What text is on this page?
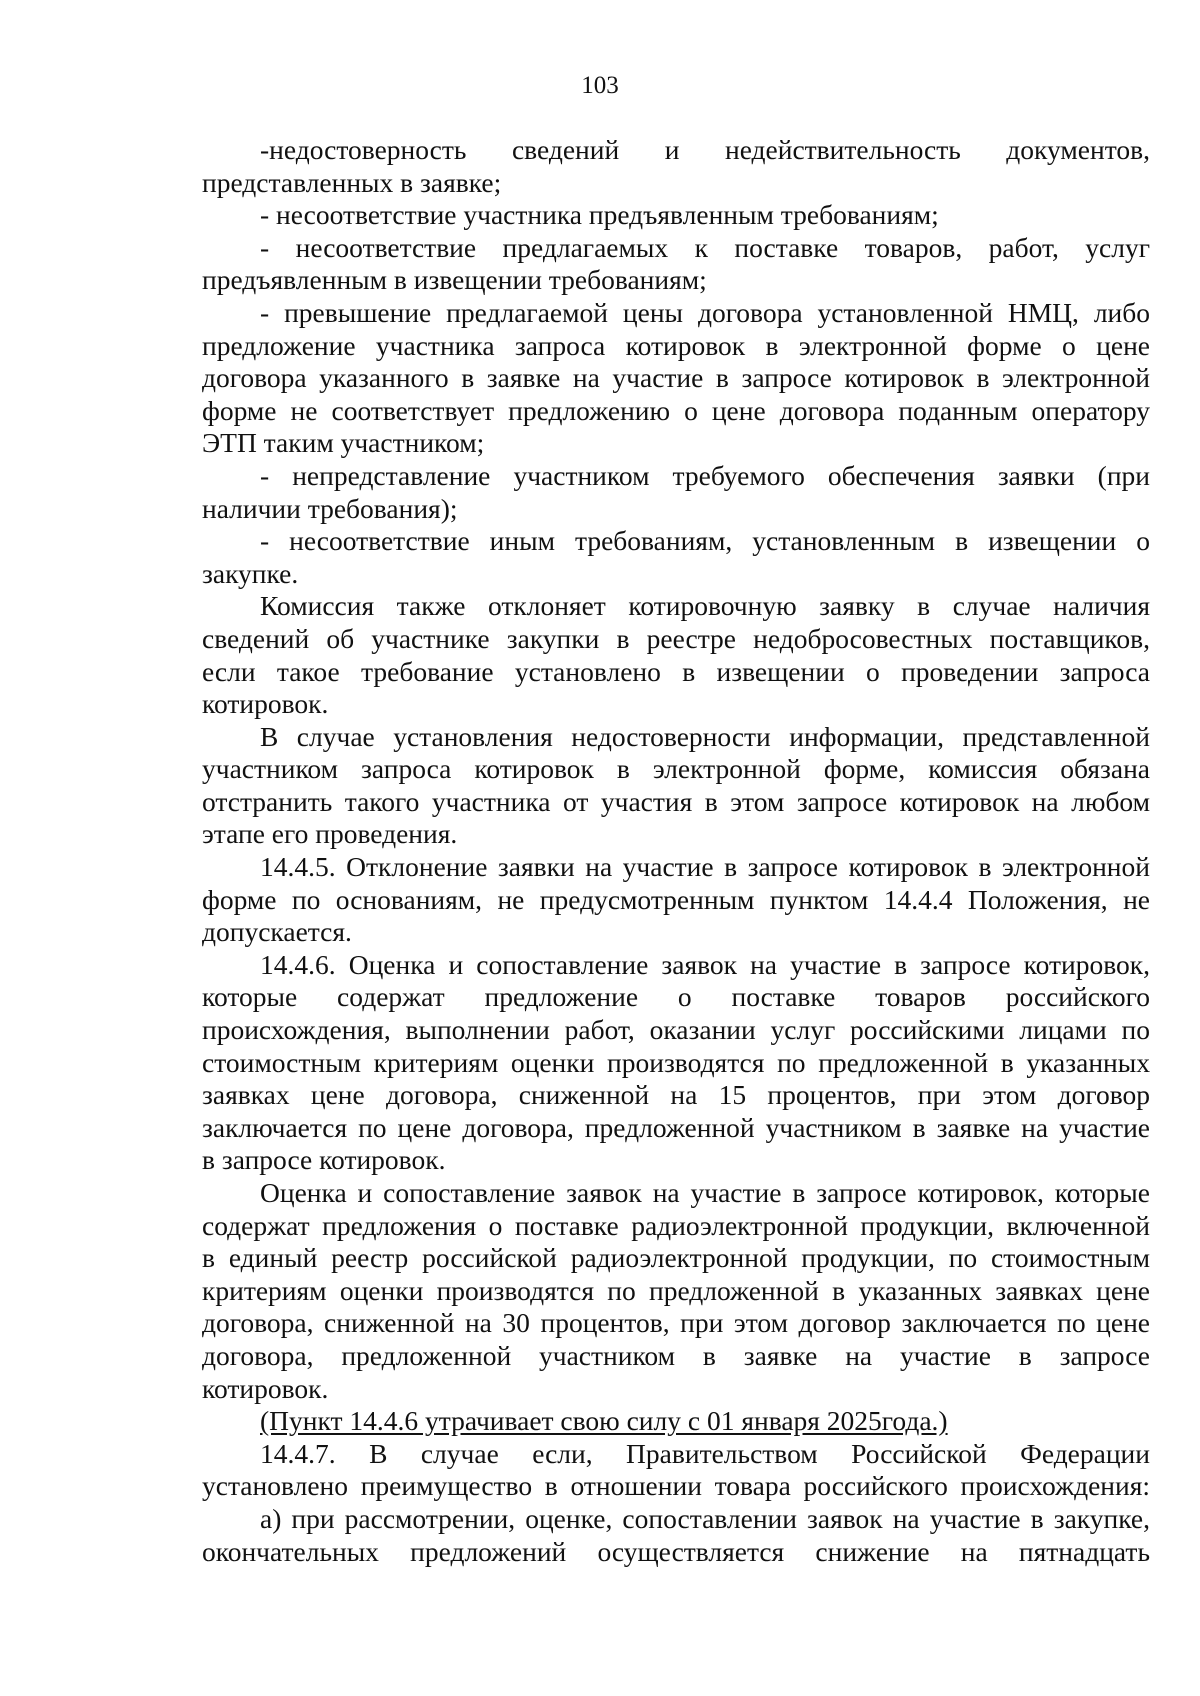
103
-недостоверность сведений и недействительность документов,
представленных в заявке;
- несоответствие участника предъявленным требованиям;
- несоответствие предлагаемых к поставке товаров, работ, услуг
предъявленным в извещении требованиям;
- превышение предлагаемой цены договора установленной НМЦ, либо
предложение участника запроса котировок в электронной форме о цене
договора указанного в заявке на участие в запросе котировок в электронной
форме не соответствует предложению о цене договора поданным оператору
ЭТП таким участником;
- непредставление участником требуемого обеспечения заявки (при
наличии требования);
- несоответствие иным требованиям, установленным в извещении о
закупке.
Комиссия также отклоняет котировочную заявку в случае наличия
сведений об участнике закупки в реестре недобросовестных поставщиков,
если такое требование установлено в извещении о проведении запроса
котировок.
В случае установления недостоверности информации, представленной
участником запроса котировок в электронной форме, комиссия обязана
отстранить такого участника от участия в этом запросе котировок на любом
этапе его проведения.
14.4.5. Отклонение заявки на участие в запросе котировок в электронной
форме по основаниям, не предусмотренным пунктом 14.4.4 Положения, не
допускается.
14.4.6. Оценка и сопоставление заявок на участие в запросе котировок,
которые содержат предложение о поставке товаров российского
происхождения, выполнении работ, оказании услуг российскими лицами по
стоимостным критериям оценки производятся по предложенной в указанных
заявках цене договора, сниженной на 15 процентов, при этом договор
заключается по цене договора, предложенной участником в заявке на участие
в запросе котировок.
Оценка и сопоставление заявок на участие в запросе котировок, которые
содержат предложения о поставке радиоэлектронной продукции, включенной
в единый реестр российской радиоэлектронной продукции, по стоимостным
критериям оценки производятся по предложенной в указанных заявках цене
договора, сниженной на 30 процентов, при этом договор заключается по цене
договора, предложенной участником в заявке на участие в запросе
котировок.
(Пункт 14.4.6 утрачивает свою силу с 01 января 2025года.)
14.4.7. В случае если, Правительством Российской Федерации
установлено преимущество в отношении товара российского происхождения:
а) при рассмотрении, оценке, сопоставлении заявок на участие в закупке,
окончательных предложений осуществляется снижение на пятнадцать
